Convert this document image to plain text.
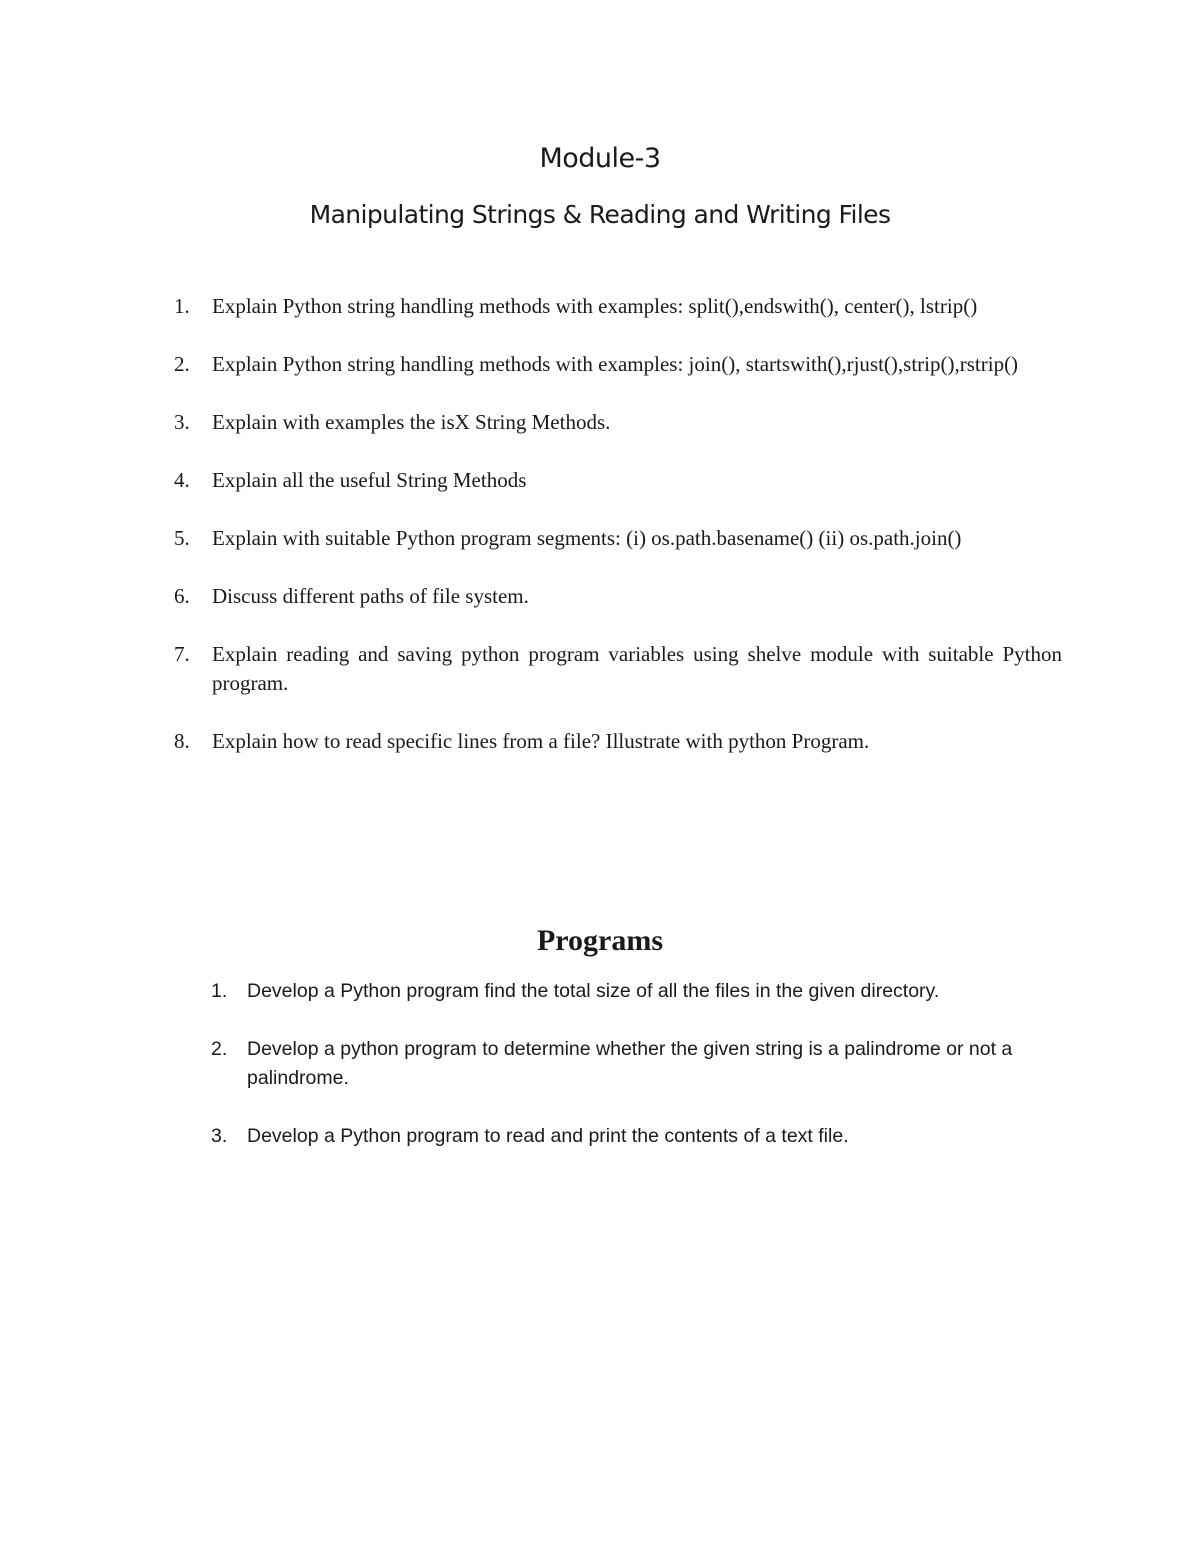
Module-3
Manipulating Strings & Reading and Writing Files
1. Explain Python string handling methods with examples: split(),endswith(), center(), lstrip()
2. Explain Python string handling methods with examples: join(), startswith(),rjust(),strip(),rstrip()
3. Explain with examples the isX String Methods.
4. Explain all the useful String Methods
5. Explain with suitable Python program segments: (i) os.path.basename() (ii) os.path.join()
6. Discuss different paths of file system.
7. Explain reading and saving python program variables using shelve module with suitable Python program.
8. Explain how to read specific lines from a file? Illustrate with python Program.
Programs
1. Develop a Python program find the total size of all the files in the given directory.
2. Develop a python program to determine whether the given string is a palindrome or not a palindrome.
3. Develop a Python program to read and print the contents of a text file.
